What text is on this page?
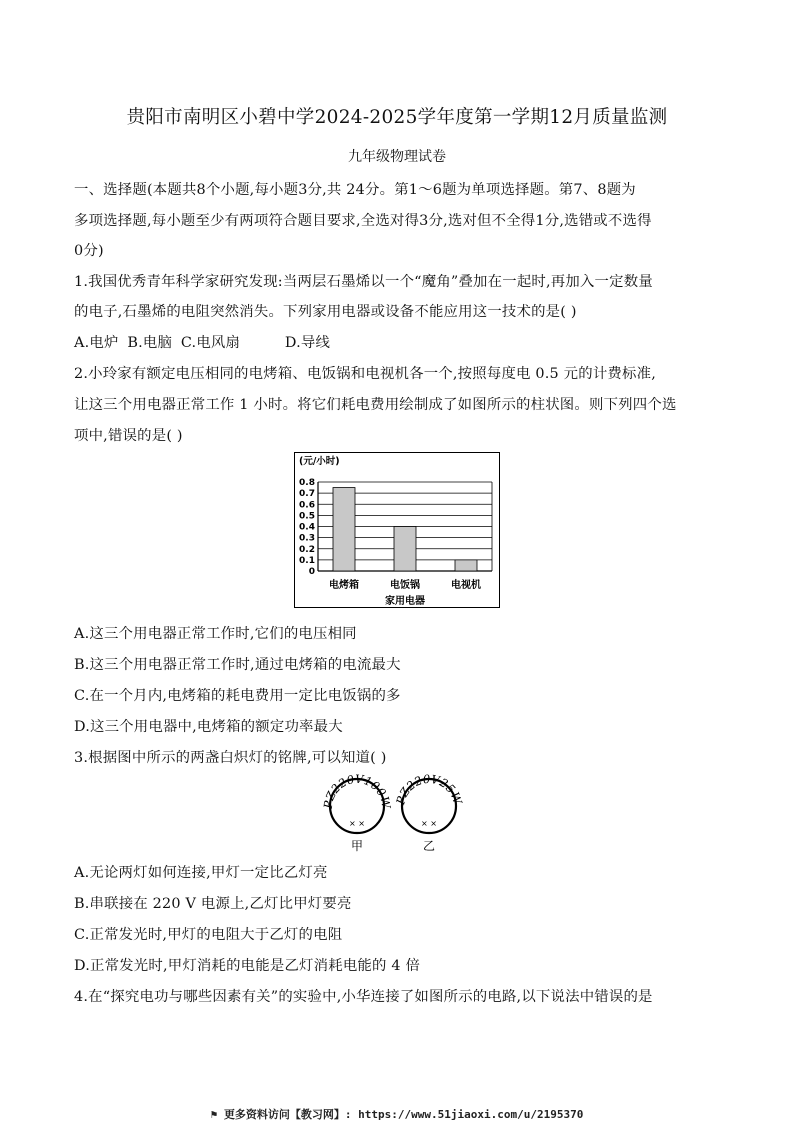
贵阳市南明区小碧中学2024-2025学年度第一学期12月质量监测
九年级物理试卷
一、选择题(本题共8个小题,每小题3分,共 24分。第1～6题为单项选择题。第7、8题为
多项选择题,每小题至少有两项符合题目要求,全选对得3分,选对但不全得1分,选错或不选得
0分)
1.我国优秀青年科学家研究发现:当两层石墨烯以一个“魔角”叠加在一起时,再加入一定数量
的电子,石墨烯的电阻突然消失。下列家用电器或设备不能应用这一技术的是( )
A.电炉 B.电脑 C.电风扇	D.导线
2.小玲家有额定电压相同的电烤箱、电饭锅和电视机各一个,按照每度电 0.5 元的计费标准,
让这三个用电器正常工作 1 小时。将它们耗电费用绘制成了如图所示的柱状图。则下列四个选
项中,错误的是( )
(元/小时)
0
0.1
0.2
0.3
0.4
0.5
0.6
0.7
0.8
电烤箱	电饭锅	电视机
家用电器
A.这三个用电器正常工作时,它们的电压相同
B.这三个用电器正常工作时,通过电烤箱的电流最大
C.在一个月内,电烤箱的耗电费用一定比电饭锅的多
D.这三个用电器中,电烤箱的额定功率最大
3.根据图中所示的两盏白炽灯的铭牌,可以知道( )
PZ220V100W
× ×
甲
PZ220V25W
× ×
乙
A.无论两灯如何连接,甲灯一定比乙灯亮
B.串联接在 220 V 电源上,乙灯比甲灯要亮
C.正常发光时,甲灯的电阻大于乙灯的电阻
D.正常发光时,甲灯消耗的电能是乙灯消耗电能的 4 倍
4.在“探究电功与哪些因素有关”的实验中,小华连接了如图所示的电路,以下说法中错误的是
⚑ 更多资料访问【教习网】: https://www.51jiaoxi.com/u/2195370
